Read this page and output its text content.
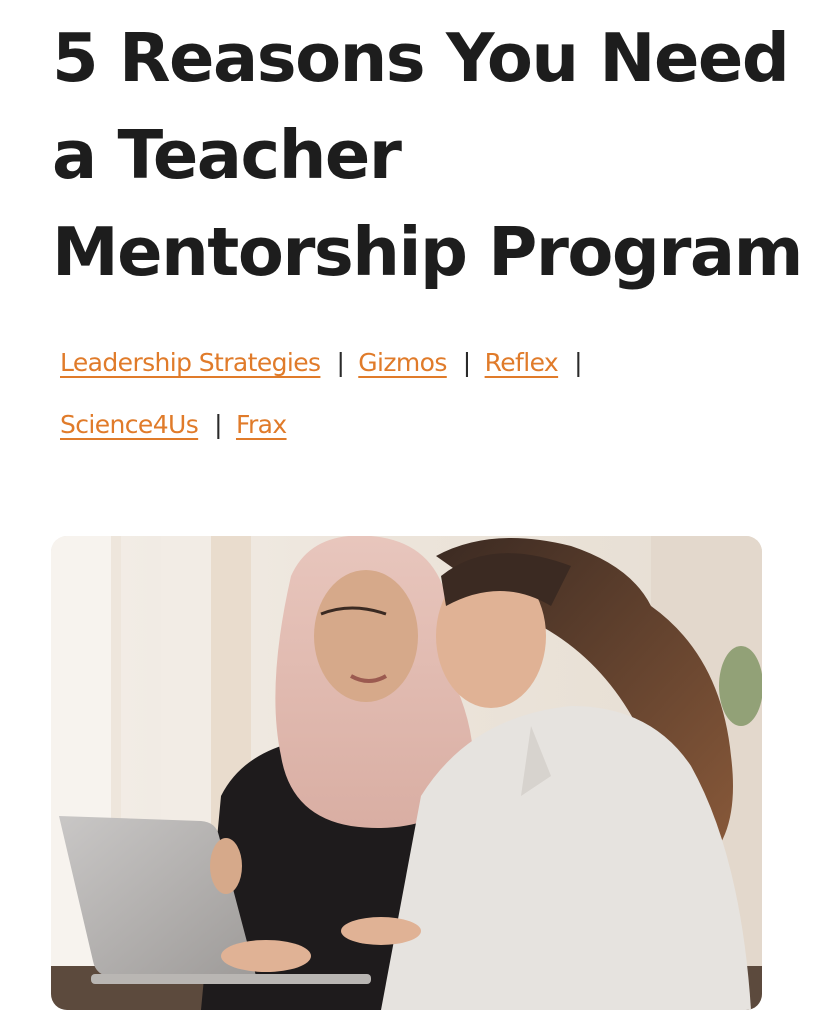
5 Reasons You Need
a Teacher
Mentorship Program
Leadership Strategies | Gizmos | Reflex |
Science4Us | Frax
